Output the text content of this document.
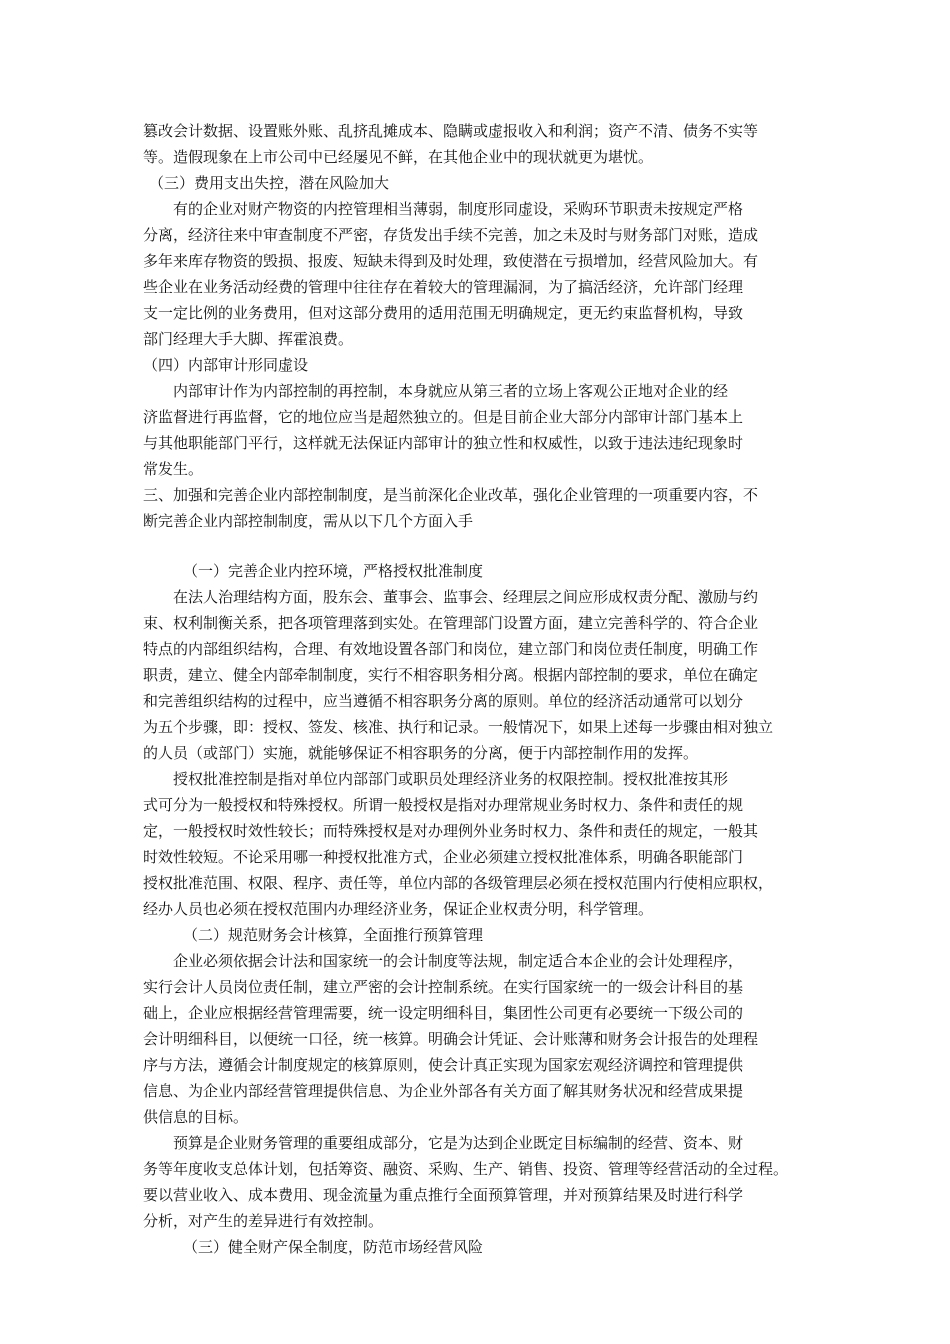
篡改会计数据、设置账外账、乱挤乱摊成本、隐瞒或虚报收入和利润；资产不清、债务不实等
等。造假现象在上市公司中已经屡见不鲜，在其他企业中的现状就更为堪忧。
（三）费用支出失控，潜在风险加大
有的企业对财产物资的内控管理相当薄弱，制度形同虚设，采购环节职责未按规定严格
分离，经济往来中审查制度不严密，存货发出手续不完善，加之未及时与财务部门对账，造成
多年来库存物资的毁损、报废、短缺未得到及时处理，致使潜在亏损增加，经营风险加大。有
些企业在业务活动经费的管理中往往存在着较大的管理漏洞，为了搞活经济，允许部门经理
支一定比例的业务费用，但对这部分费用的适用范围无明确规定，更无约束监督机构，导致
部门经理大手大脚、挥霍浪费。
（四）内部审计形同虚设
内部审计作为内部控制的再控制，本身就应从第三者的立场上客观公正地对企业的经
济监督进行再监督，它的地位应当是超然独立的。但是目前企业大部分内部审计部门基本上
与其他职能部门平行，这样就无法保证内部审计的独立性和权威性，以致于违法违纪现象时
常发生。
三、加强和完善企业内部控制制度，是当前深化企业改革，强化企业管理的一项重要内容，不
断完善企业内部控制制度，需从以下几个方面入手
（一）完善企业内控环境，严格授权批准制度
在法人治理结构方面，股东会、董事会、监事会、经理层之间应形成权责分配、激励与约
束、权利制衡关系，把各项管理落到实处。在管理部门设置方面，建立完善科学的、符合企业
特点的内部组织结构，合理、有效地设置各部门和岗位，建立部门和岗位责任制度，明确工作
职责，建立、健全内部牵制制度，实行不相容职务相分离。根据内部控制的要求，单位在确定
和完善组织结构的过程中，应当遵循不相容职务分离的原则。单位的经济活动通常可以划分
为五个步骤，即：授权、签发、核准、执行和记录。一般情况下，如果上述每一步骤由相对独立
的人员（或部门）实施，就能够保证不相容职务的分离，便于内部控制作用的发挥。
授权批准控制是指对单位内部部门或职员处理经济业务的权限控制。授权批准按其形
式可分为一般授权和特殊授权。所谓一般授权是指对办理常规业务时权力、条件和责任的规
定，一般授权时效性较长；而特殊授权是对办理例外业务时权力、条件和责任的规定，一般其
时效性较短。不论采用哪一种授权批准方式，企业必须建立授权批准体系，明确各职能部门
授权批准范围、权限、程序、责任等，单位内部的各级管理层必须在授权范围内行使相应职权，
经办人员也必须在授权范围内办理经济业务，保证企业权责分明，科学管理。
（二）规范财务会计核算，全面推行预算管理
企业必须依据会计法和国家统一的会计制度等法规，制定适合本企业的会计处理程序，
实行会计人员岗位责任制，建立严密的会计控制系统。在实行国家统一的一级会计科目的基
础上，企业应根据经营管理需要，统一设定明细科目，集团性公司更有必要统一下级公司的
会计明细科目，以便统一口径，统一核算。明确会计凭证、会计账薄和财务会计报告的处理程
序与方法，遵循会计制度规定的核算原则，使会计真正实现为国家宏观经济调控和管理提供
信息、为企业内部经营管理提供信息、为企业外部各有关方面了解其财务状况和经营成果提
供信息的目标。
预算是企业财务管理的重要组成部分，它是为达到企业既定目标编制的经营、资本、财
务等年度收支总体计划，包括筹资、融资、采购、生产、销售、投资、管理等经营活动的全过程。
要以营业收入、成本费用、现金流量为重点推行全面预算管理，并对预算结果及时进行科学
分析，对产生的差异进行有效控制。
（三）健全财产保全制度，防范市场经营风险
